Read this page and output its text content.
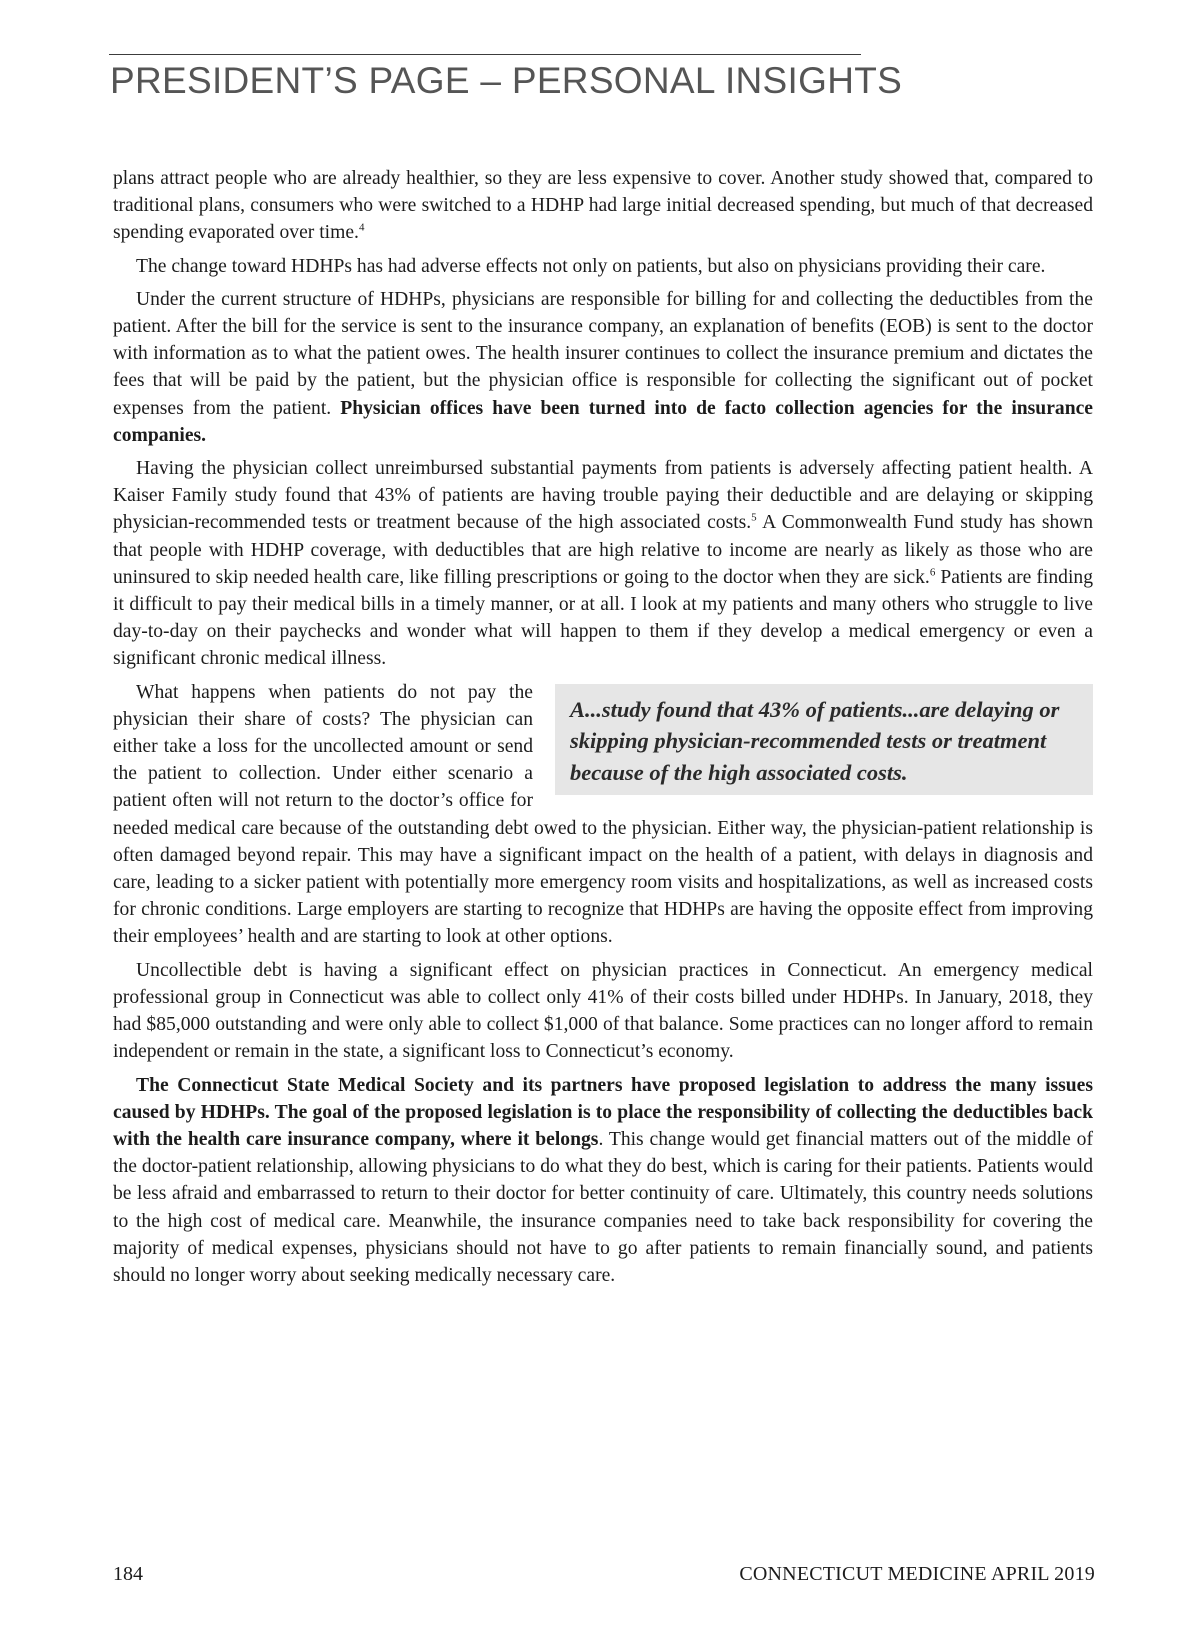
PRESIDENT’S PAGE – PERSONAL INSIGHTS

plans attract people who are already healthier, so they are less expensive to cover. Another study showed that, compared to traditional plans, consumers who were switched to a HDHP had large initial decreased spending, but much of that decreased spending evaporated over time.$^4$

The change toward HDHPs has had adverse effects not only on patients, but also on physicians providing their care.

Under the current structure of HDHPs, physicians are responsible for billing for and collecting the deductibles from the patient. After the bill for the service is sent to the insurance company, an explanation of benefits (EOB) is sent to the doctor with information as to what the patient owes. The health insurer continues to collect the insurance premium and dictates the fees that will be paid by the patient, but the physician office is responsible for collecting the significant out of pocket expenses from the patient. Physician offices have been turned into de facto collection agencies for the insurance companies.

Having the physician collect unreimbursed substantial payments from patients is adversely affecting patient health. A Kaiser Family study found that 43% of patients are having trouble paying their deductible and are delaying or skipping physician-recommended tests or treatment because of the high associated costs.$^5$ A Commonwealth Fund study has shown that people with HDHP coverage, with deductibles that are high relative to income are nearly as likely as those who are uninsured to skip needed health care, like filling prescriptions or going to the doctor when they are sick.$^6$ Patients are finding it difficult to pay their medical bills in a timely manner, or at all. I look at my patients and many others who struggle to live day-to-day on their paychecks and wonder what will happen to them if they develop a medical emergency or even a significant chronic medical illness.

A...study found that 43% of patients...are delaying or skipping physician-recommended tests or treatment because of the high associated costs.
What happens when patients do not pay the physician their share of costs? The physician can either take a loss for the uncollected amount or send the patient to collection. Under either scenario a patient often will not return to the doctor’s office for needed medical care because of the outstanding debt owed to the physician. Either way, the physician-patient relationship is often damaged beyond repair. This may have a significant impact on the health of a patient, with delays in diagnosis and care, leading to a sicker patient with potentially more emergency room visits and hospitalizations, as well as increased costs for chronic conditions. Large employers are starting to recognize that HDHPs are having the opposite effect from improving their employees’ health and are starting to look at other options.

Uncollectible debt is having a significant effect on physician practices in Connecticut. An emergency medical professional group in Connecticut was able to collect only 41% of their costs billed under HDHPs. In January, 2018, they had $85,000 outstanding and were only able to collect $1,000 of that balance. Some practices can no longer afford to remain independent or remain in the state, a significant loss to Connecticut’s economy.

The Connecticut State Medical Society and its partners have proposed legislation to address the many issues caused by HDHPs. The goal of the proposed legislation is to place the responsibility of collecting the deductibles back with the health care insurance company, where it belongs. This change would get financial matters out of the middle of the doctor-patient relationship, allowing physicians to do what they do best, which is caring for their patients. Patients would be less afraid and embarrassed to return to their doctor for better continuity of care. Ultimately, this country needs solutions to the high cost of medical care. Meanwhile, the insurance companies need to take back responsibility for covering the majority of medical expenses, physicians should not have to go after patients to remain financially sound, and patients should no longer worry about seeking medically necessary care.

184	CONNECTICUT MEDICINE APRIL 2019
